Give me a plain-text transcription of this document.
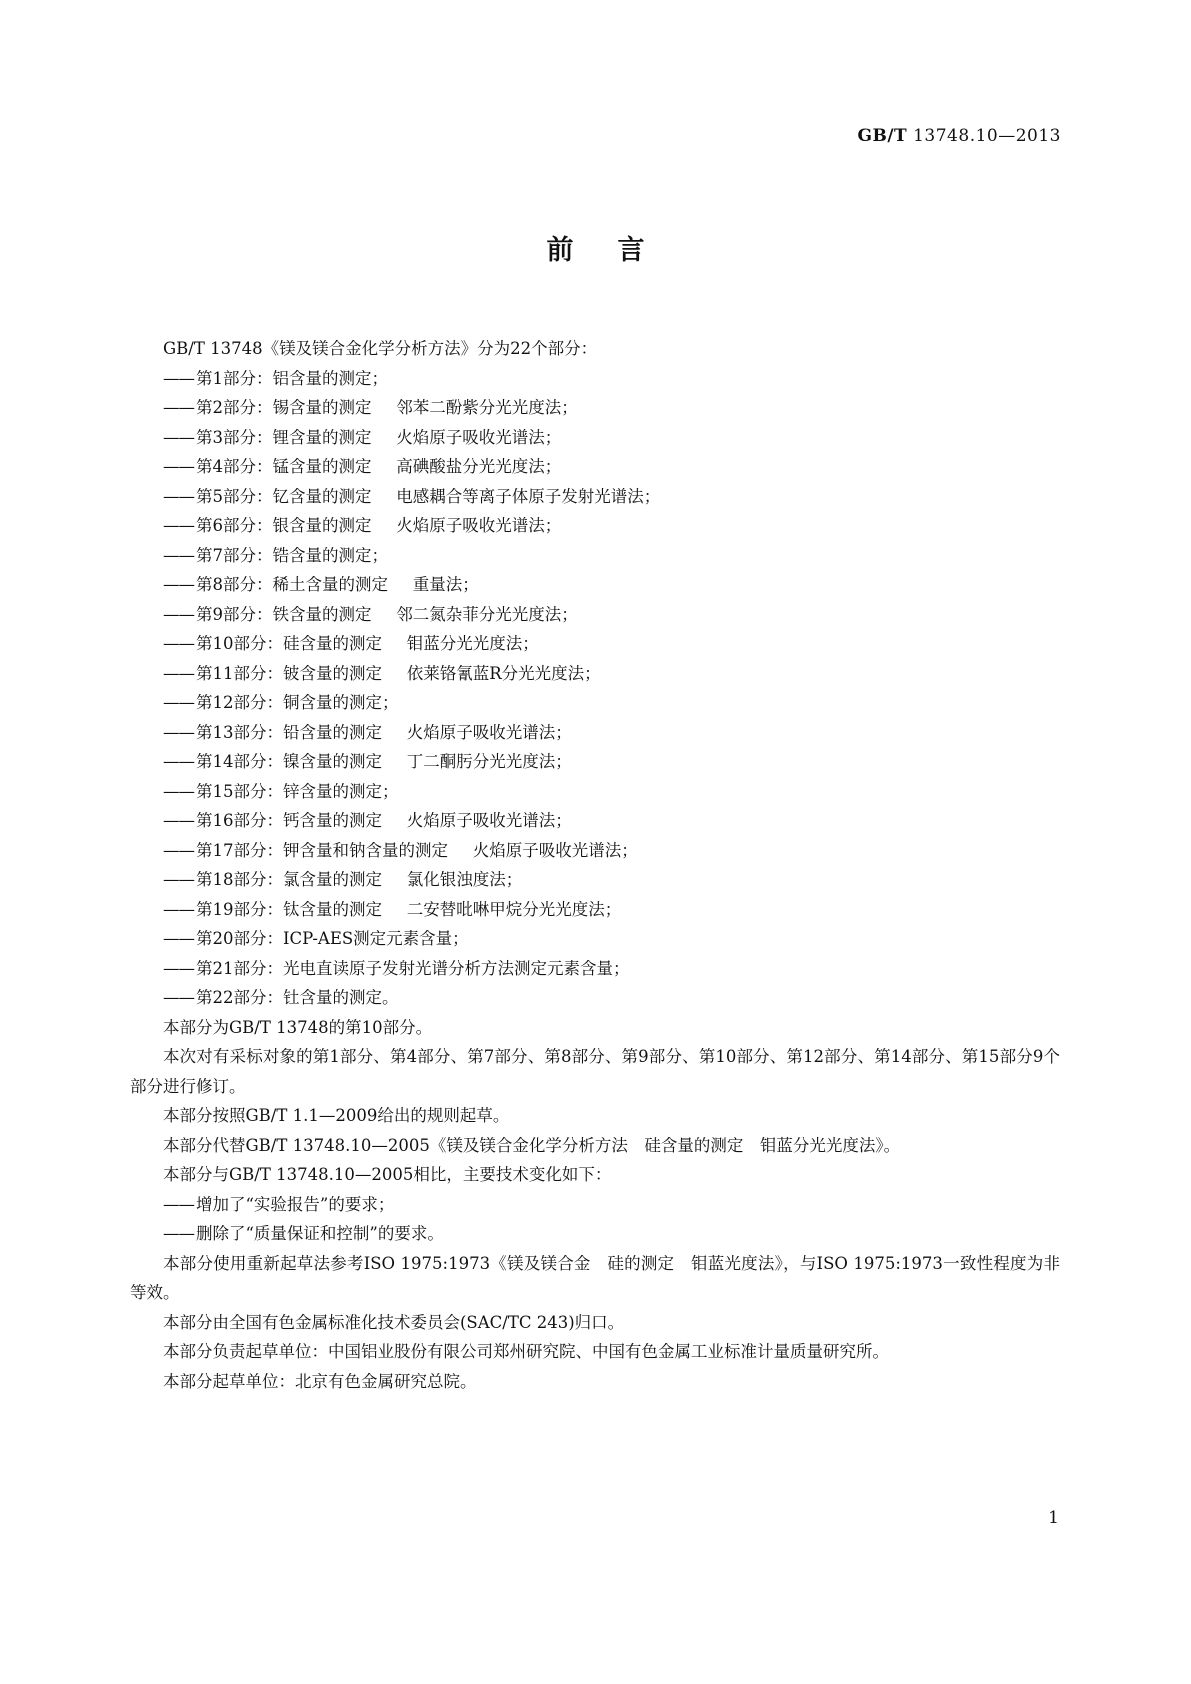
GB/T 13748.10—2013
前言

GB/T 13748《镁及镁合金化学分析方法》分为22个部分：

—— 第1部分：铝含量的测定；

—— 第2部分：锡含量的测定 邻苯二酚紫分光光度法；

—— 第3部分：锂含量的测定 火焰原子吸收光谱法；

—— 第4部分：锰含量的测定 高碘酸盐分光光度法；

—— 第5部分：钇含量的测定 电感耦合等离子体原子发射光谱法；

—— 第6部分：银含量的测定 火焰原子吸收光谱法；

—— 第7部分：锆含量的测定；

—— 第8部分：稀土含量的测定 重量法；

—— 第9部分：铁含量的测定 邻二氮杂菲分光光度法；

—— 第10部分：硅含量的测定 钼蓝分光光度法；

—— 第11部分：铍含量的测定 依莱铬氰蓝R分光光度法；

—— 第12部分：铜含量的测定；

—— 第13部分：铅含量的测定 火焰原子吸收光谱法；

—— 第14部分：镍含量的测定 丁二酮肟分光光度法；

—— 第15部分：锌含量的测定；

—— 第16部分：钙含量的测定 火焰原子吸收光谱法；

—— 第17部分：钾含量和钠含量的测定 火焰原子吸收光谱法；

—— 第18部分：氯含量的测定 氯化银浊度法；

—— 第19部分：钛含量的测定 二安替吡啉甲烷分光光度法；

—— 第20部分：ICP-AES测定元素含量；

—— 第21部分：光电直读原子发射光谱分析方法测定元素含量；

—— 第22部分：钍含量的测定。

本部分为GB/T 13748的第10部分。

本次对有采标对象的第1部分、第4部分、第7部分、第8部分、第9部分、第10部分、第12部分、第14部分、第15部分9个部分进行修订。

本部分按照GB/T 1.1—2009给出的规则起草。

本部分代替GB/T 13748.10—2005《镁及镁合金化学分析方法　硅含量的测定　钼蓝分光光度法》。

本部分与GB/T 13748.10—2005相比，主要技术变化如下：

—— 增加了“实验报告”的要求；

—— 删除了“质量保证和控制”的要求。

本部分使用重新起草法参考ISO 1975:1973《镁及镁合金　硅的测定　钼蓝光度法》，与ISO 1975:1973一致性程度为非等效。

本部分由全国有色金属标准化技术委员会(SAC/TC 243)归口。

本部分负责起草单位：中国铝业股份有限公司郑州研究院、中国有色金属工业标准计量质量研究所。

本部分起草单位：北京有色金属研究总院。

1
